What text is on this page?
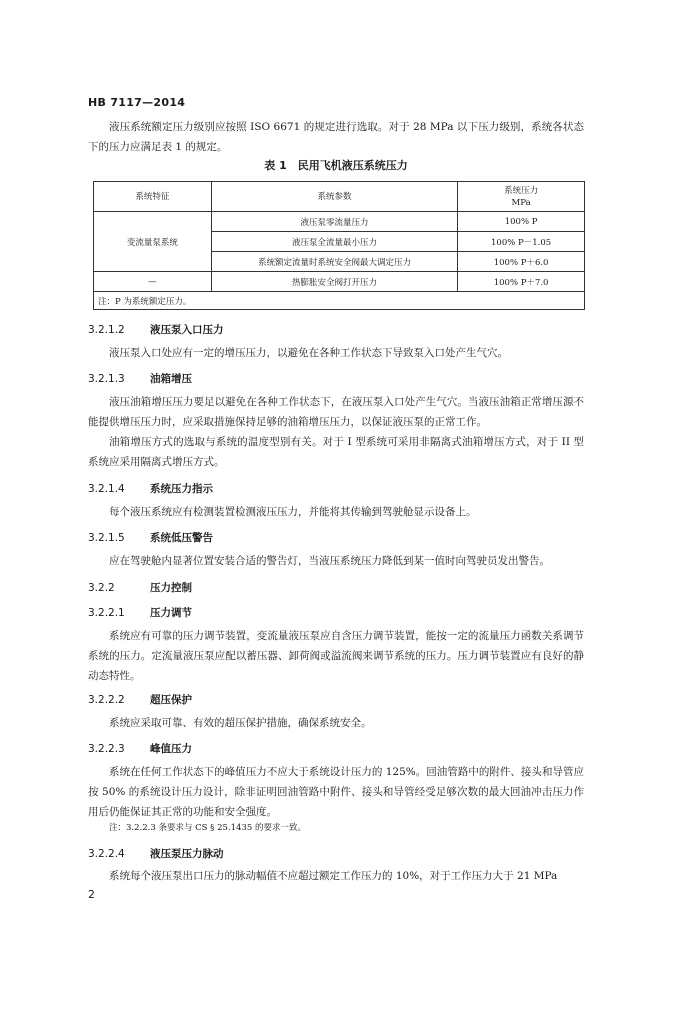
HB 7117—2014
液压系统额定压力级别应按照 ISO 6671 的规定进行选取。对于 28 MPa 以下压力级别，系统各状态下的压力应满足表 1 的规定。
表 1　民用飞机液压系统压力
系统特征	系统参数	系统压力
MPa

变流量泵系统	液压泵零流量压力	100% P
	液压泵全流量最小压力	100% P－1.05
	系统额定流量时系统安全阀最大调定压力	100% P＋6.0
—	热膨胀安全阀打开压力	100% P＋7.0
注：P 为系统额定压力。		
3.2.1.2 液压泵入口压力
液压泵入口处应有一定的增压压力，以避免在各种工作状态下导致泵入口处产生气穴。
3.2.1.3 油箱增压
液压油箱增压压力要足以避免在各种工作状态下，在液压泵入口处产生气穴。当液压油箱正常增压源不能提供增压压力时，应采取措施保持足够的油箱增压压力，以保证液压泵的正常工作。
油箱增压方式的选取与系统的温度型别有关。对于 I 型系统可采用非隔离式油箱增压方式，对于 II 型系统应采用隔离式增压方式。
3.2.1.4 系统压力指示
每个液压系统应有检测装置检测液压压力，并能将其传输到驾驶舱显示设备上。
3.2.1.5 系统低压警告
应在驾驶舱内显著位置安装合适的警告灯，当液压系统压力降低到某一值时向驾驶员发出警告。
3.2.2	压力控制
3.2.2.1 压力调节
系统应有可靠的压力调节装置，变流量液压泵应自含压力调节装置，能按一定的流量压力函数关系调节系统的压力。定流量液压泵应配以蓄压器、卸荷阀或溢流阀来调节系统的压力。压力调节装置应有良好的静动态特性。
3.2.2.2 超压保护
系统应采取可靠、有效的超压保护措施，确保系统安全。
3.2.2.3 峰值压力
系统在任何工作状态下的峰值压力不应大于系统设计压力的 125%。回油管路中的附件、接头和导管应按 50% 的系统设计压力设计，除非证明回油管路中附件、接头和导管经受足够次数的最大回油冲击压力作用后仍能保证其正常的功能和安全强度。
注：3.2.2.3 条要求与 CS § 25.1435 的要求一致。
3.2.2.4 液压泵压力脉动
系统每个液压泵出口压力的脉动幅值不应超过额定工作压力的 10%，对于工作压力大于 21 MPa
2
